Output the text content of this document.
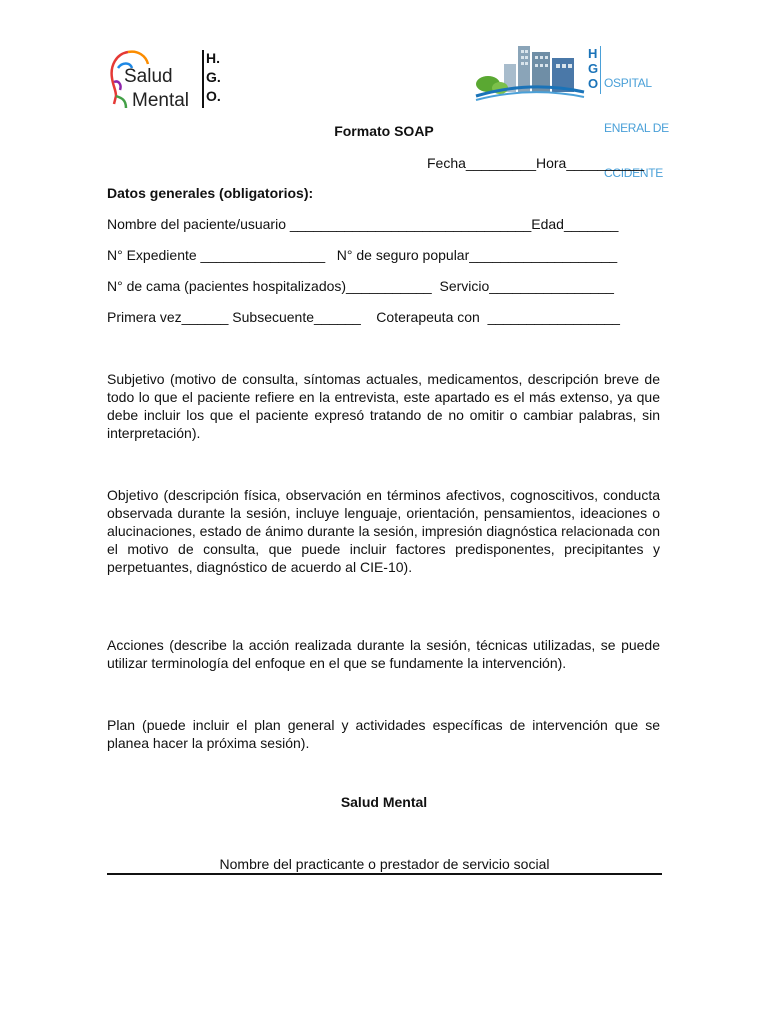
Salud
Mental
H.
G.
O.
H
G
O

OSPITAL

ENERAL DE

CCIDENTE

Formato SOAP
Fecha_________Hora__________
Datos generales (obligatorios):
Nombre del paciente/usuario _______________________________Edad_______
N° Expediente ________________   N° de seguro popular___________________
N° de cama (pacientes hospitalizados)___________  Servicio________________
Primera vez______ Subsecuente______    Coterapeuta con  _________________
Subjetivo (motivo de consulta, síntomas actuales, medicamentos, descripción breve de todo lo que el paciente refiere en la entrevista, este apartado es el más extenso, ya que debe incluir los que el paciente expresó tratando de no omitir o cambiar palabras, sin interpretación).
Objetivo (descripción física, observación en términos afectivos, cognoscitivos, conducta observada durante la sesión, incluye lenguaje, orientación, pensamientos, ideaciones o alucinaciones, estado de ánimo durante la sesión, impresión diagnóstica relacionada con el motivo de consulta, que puede incluir factores predisponentes, precipitantes y perpetuantes, diagnóstico de acuerdo al CIE-10).
Acciones (describe la acción realizada durante la sesión, técnicas utilizadas, se puede utilizar terminología del enfoque en el que se fundamente la intervención).
Plan (puede incluir el plan general y actividades específicas de intervención que se planea hacer la próxima sesión).
Salud Mental
Nombre del practicante o prestador de servicio social
